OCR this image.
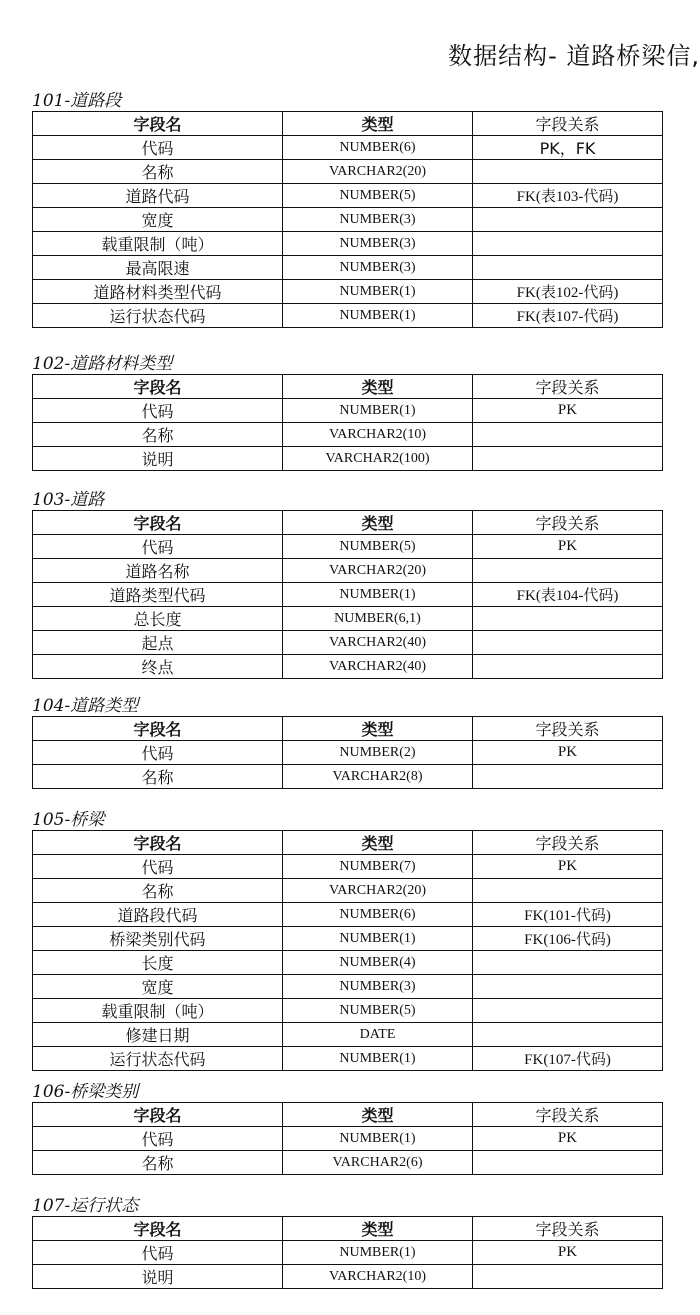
数据结构- 道路桥梁信,
101-道路段
字段名	类型	字段关系
代码	NUMBER(6)	PK，FK
名称	VARCHAR2(20)	
道路代码	NUMBER(5)	FK(表103-代码)
宽度	NUMBER(3)	
载重限制（吨）	NUMBER(3)	
最高限速	NUMBER(3)	
道路材料类型代码	NUMBER(1)	FK(表102-代码)
运行状态代码	NUMBER(1)	FK(表107-代码)
102-道路材料类型
字段名	类型	字段关系
代码	NUMBER(1)	PK
名称	VARCHAR2(10)	
说明	VARCHAR2(100)	
103-道路
字段名	类型	字段关系
代码	NUMBER(5)	PK
道路名称	VARCHAR2(20)	
道路类型代码	NUMBER(1)	FK(表104-代码)
总长度	NUMBER(6,1)	
起点	VARCHAR2(40)	
终点	VARCHAR2(40)	
104-道路类型
字段名	类型	字段关系
代码	NUMBER(2)	PK
名称	VARCHAR2(8)	
105-桥梁
字段名	类型	字段关系
代码	NUMBER(7)	PK
名称	VARCHAR2(20)	
道路段代码	NUMBER(6)	FK(101-代码)
桥梁类别代码	NUMBER(1)	FK(106-代码)
长度	NUMBER(4)	
宽度	NUMBER(3)	
载重限制（吨）	NUMBER(5)	
修建日期	DATE	
运行状态代码	NUMBER(1)	FK(107-代码)
106-桥梁类别
字段名	类型	字段关系
代码	NUMBER(1)	PK
名称	VARCHAR2(6)	
107-运行状态
字段名	类型	字段关系
代码	NUMBER(1)	PK
说明	VARCHAR2(10)	
